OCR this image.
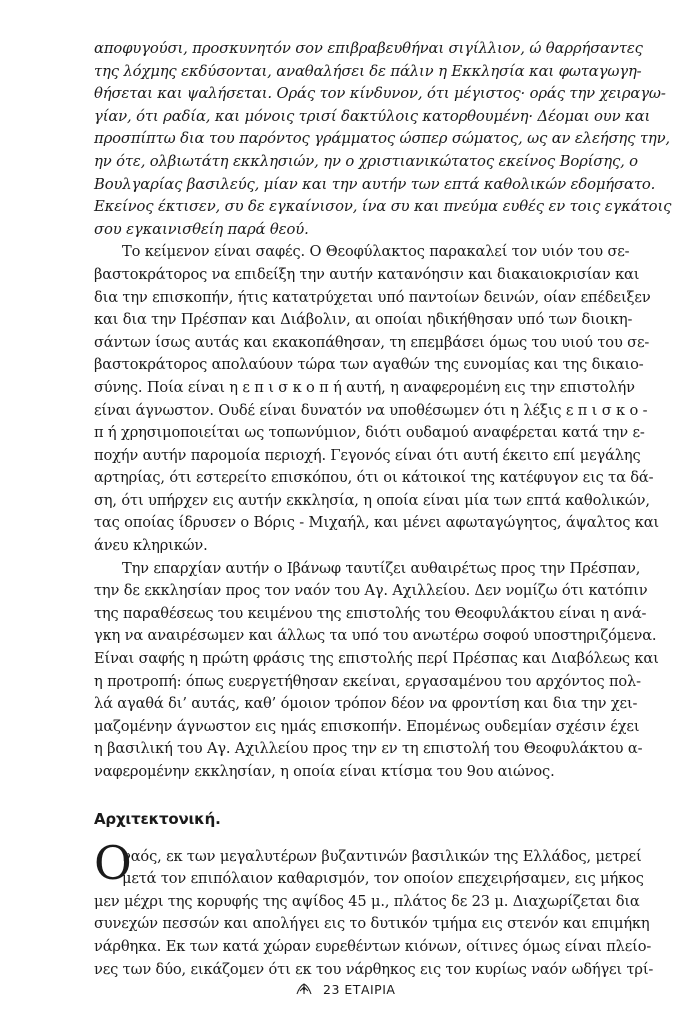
αποφυγούσι, προσκυνητόν σον επιβραβευθήναι σιγίλλιον, ώ θαρρήσαντες
της λόχμης εκδύσονται, αναθαλήσει δε πάλιν η Εκκλησία και φωταγωγη-
θήσεται και ψαλήσεται. Οράς τον κίνδυνον, ότι μέγιστος· οράς την χειραγω-
γίαν, ότι ραδία, και μόνοις τρισί δακτύλοις κατορθουμένη· Δέομαι ουν και
προσπίπτω δια του παρόντος γράμματος ώσπερ σώματος, ως αν ελεήσης την,
ην ότε, ολβιωτάτη εκκλησιών, ην ο χριστιανικώτατος εκείνος Βορίσης, ο
Βουλγαρίας βασιλεύς, μίαν και την αυτήν των επτά καθολικών εδομήσατο.
Εκείνος έκτισεν, συ δε εγκαίνισον, ίνα συ και πνεύμα ευθές εν τοις εγκάτοις
σου εγκαινισθείη παρά θεού.
Το κείμενον είναι σαφές. Ο Θεοφύλακτος παρακαλεί τον υιόν του σε-
βαστοκράτορος να επιδείξη την αυτήν κατανόησιν και διακαιοκρισίαν και
δια την επισκοπήν, ήτις κατατρύχεται υπό παντοίων δεινών, οίαν επέδειξεν
και δια την Πρέσπαν και Διάβολιν, αι οποίαι ηδικήθησαν υπό των διοικη-
σάντων ίσως αυτάς και εκακοπάθησαν, τη επεμβάσει όμως του υιού του σε-
βαστοκράτορος απολαύουν τώρα των αγαθών της ευνομίας και της δικαιο-
σύνης. Ποία είναι η ε π ι σ κ ο π ή αυτή, η αναφερομένη εις την επιστολήν
είναι άγνωστον. Ουδέ είναι δυνατόν να υποθέσωμεν ότι η λέξις ε π ι σ κ ο -
π ή χρησιμοποιείται ως τοπωνύμιον, διότι ουδαμού αναφέρεται κατά την ε-
ποχήν αυτήν παρομοία περιοχή. Γεγονός είναι ότι αυτή έκειτο επί μεγάλης
αρτηρίας, ότι εστερείτο επισκόπου, ότι οι κάτοικοί της κατέφυγον εις τα δά-
ση, ότι υπήρχεν εις αυτήν εκκλησία, η οποία είναι μία των επτά καθολικών,
τας οποίας ίδρυσεν ο Βόρις - Μιχαήλ, και μένει αφωταγώγητος, άψαλτος και
άνευ κληρικών.
Την επαρχίαν αυτήν ο Ιβάνωφ ταυτίζει αυθαιρέτως προς την Πρέσπαν,
την δε εκκλησίαν προς τον ναόν του Αγ. Αχιλλείου. Δεν νομίζω ότι κατόπιν
της παραθέσεως του κειμένου της επιστολής του Θεοφυλάκτου είναι η ανά-
γκη να αναιρέσωμεν και άλλως τα υπό του ανωτέρω σοφού υποστηριζόμενα.
Είναι σαφής η πρώτη φράσις της επιστολής περί Πρέσπας και Διαβόλεως και
η προτροπή: όπως ευεργετήθησαν εκείναι, εργασαμένου του αρχόντος πολ-
λά αγαθά δι’ αυτάς, καθ’ όμοιον τρόπον δέον να φροντίση και δια την χει-
μαζομένην άγνωστον εις ημάς επισκοπήν. Επομένως ουδεμίαν σχέσιν έχει
η βασιλική του Αγ. Αχιλλείου προς την εν τη επιστολή του Θεοφυλάκτου α-
ναφερομένην εκκλησίαν, η οποία είναι κτίσμα του 9ου αιώνος.
Αρχιτεκτονική.
Ο
ναός, εκ των μεγαλυτέρων βυζαντινών βασιλικών της Ελλάδος, μετρεί
μετά τον επιπόλαιον καθαρισμόν, τον οποίον επεχειρήσαμεν, εις μήκος
μεν μέχρι της κορυφής της αψίδος 45 μ., πλάτος δε 23 μ. Διαχωρίζεται δια
συνεχών πεσσών και απολήγει εις το δυτικόν τμήμα εις στενόν και επιμήκη
νάρθηκα. Εκ των κατά χώραν ευρεθέντων κιόνων, οίτινες όμως είναι πλείο-
νες των δύο, εικάζομεν ότι εκ του νάρθηκος εις τον κυρίως ναόν ωδήγει τρί-
23 ΕΤΑΙΡΙΑ
